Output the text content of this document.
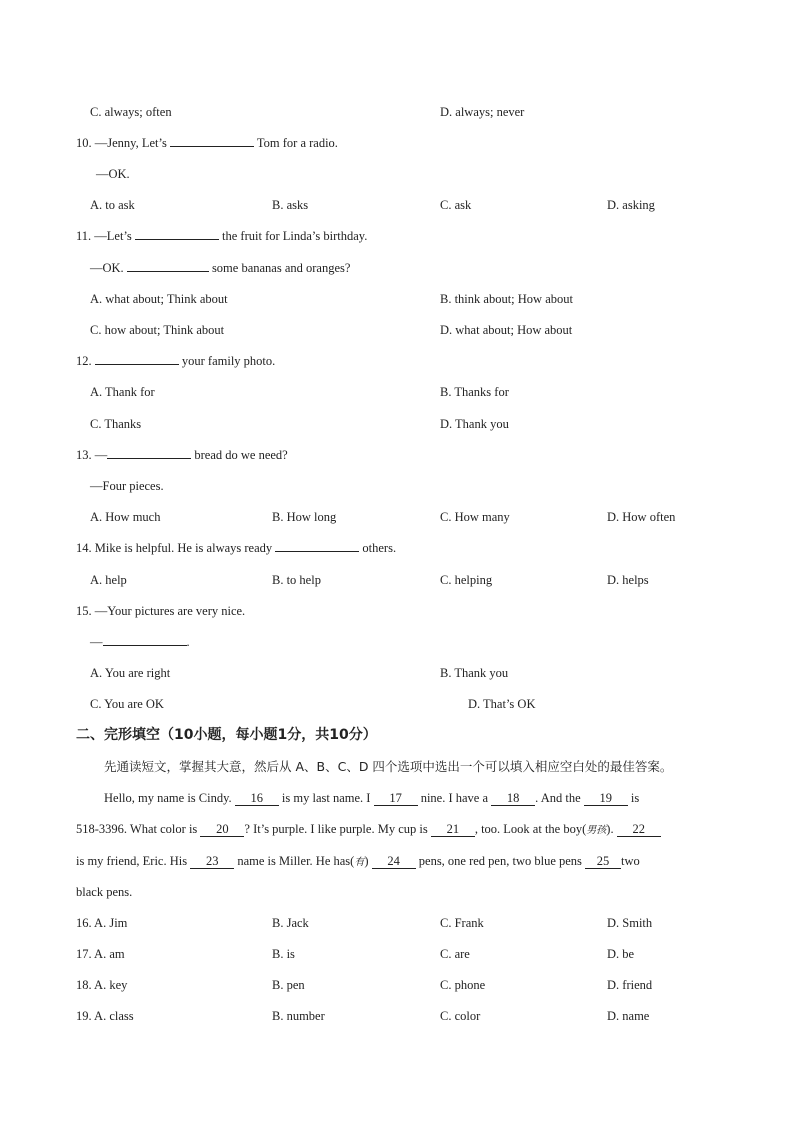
C. always; often	D. always; never
10. —Jenny, Let’s	Tom for a radio.
—OK.
A. to ask	B. asks	C. ask	D. asking
11. —Let’s	the fruit for Linda’s birthday.
—OK.	some bananas and oranges?
A. what about; Think about	B. think about; How about
C. how about; Think about	D. what about; How about
12.	your family photo.
A. Thank for	B. Thanks for
C. Thanks	D. Thank you
13. —	bread do we need?
—Four pieces.
A. How much	B. How long	C. How many	D. How often
14. Mike is helpful. He is always ready	others.
A. help	B. to help	C. helping	D. helps
15. —Your pictures are very nice.
—	.
A. You are right	B. Thank you
C. You are OK	D. That’s OK
二、完形填空（10小题，每小题1分，共10分）
先通读短文，掌握其大意，然后从 A、B、C、D 四个选项中选出一个可以填入相应空白处的最佳答案。
Hello, my name is Cindy. 16 is my last name. I 17 nine. I have a 18 . And the 19 is
518-3396. What color is 20 ? It’s purple. I like purple. My cup is 21 , too. Look at the boy(男孩). 22
is my friend, Eric. His 23 name is Miller. He has(有) 24 pens, one red pen, two blue pens 25 two
black pens.
16. A. Jim	B. Jack	C. Frank	D. Smith
17. A. am	B. is	C. are	D. be
18. A. key	B. pen	C. phone	D. friend
19. A. class	B. number	C. color	D. name
